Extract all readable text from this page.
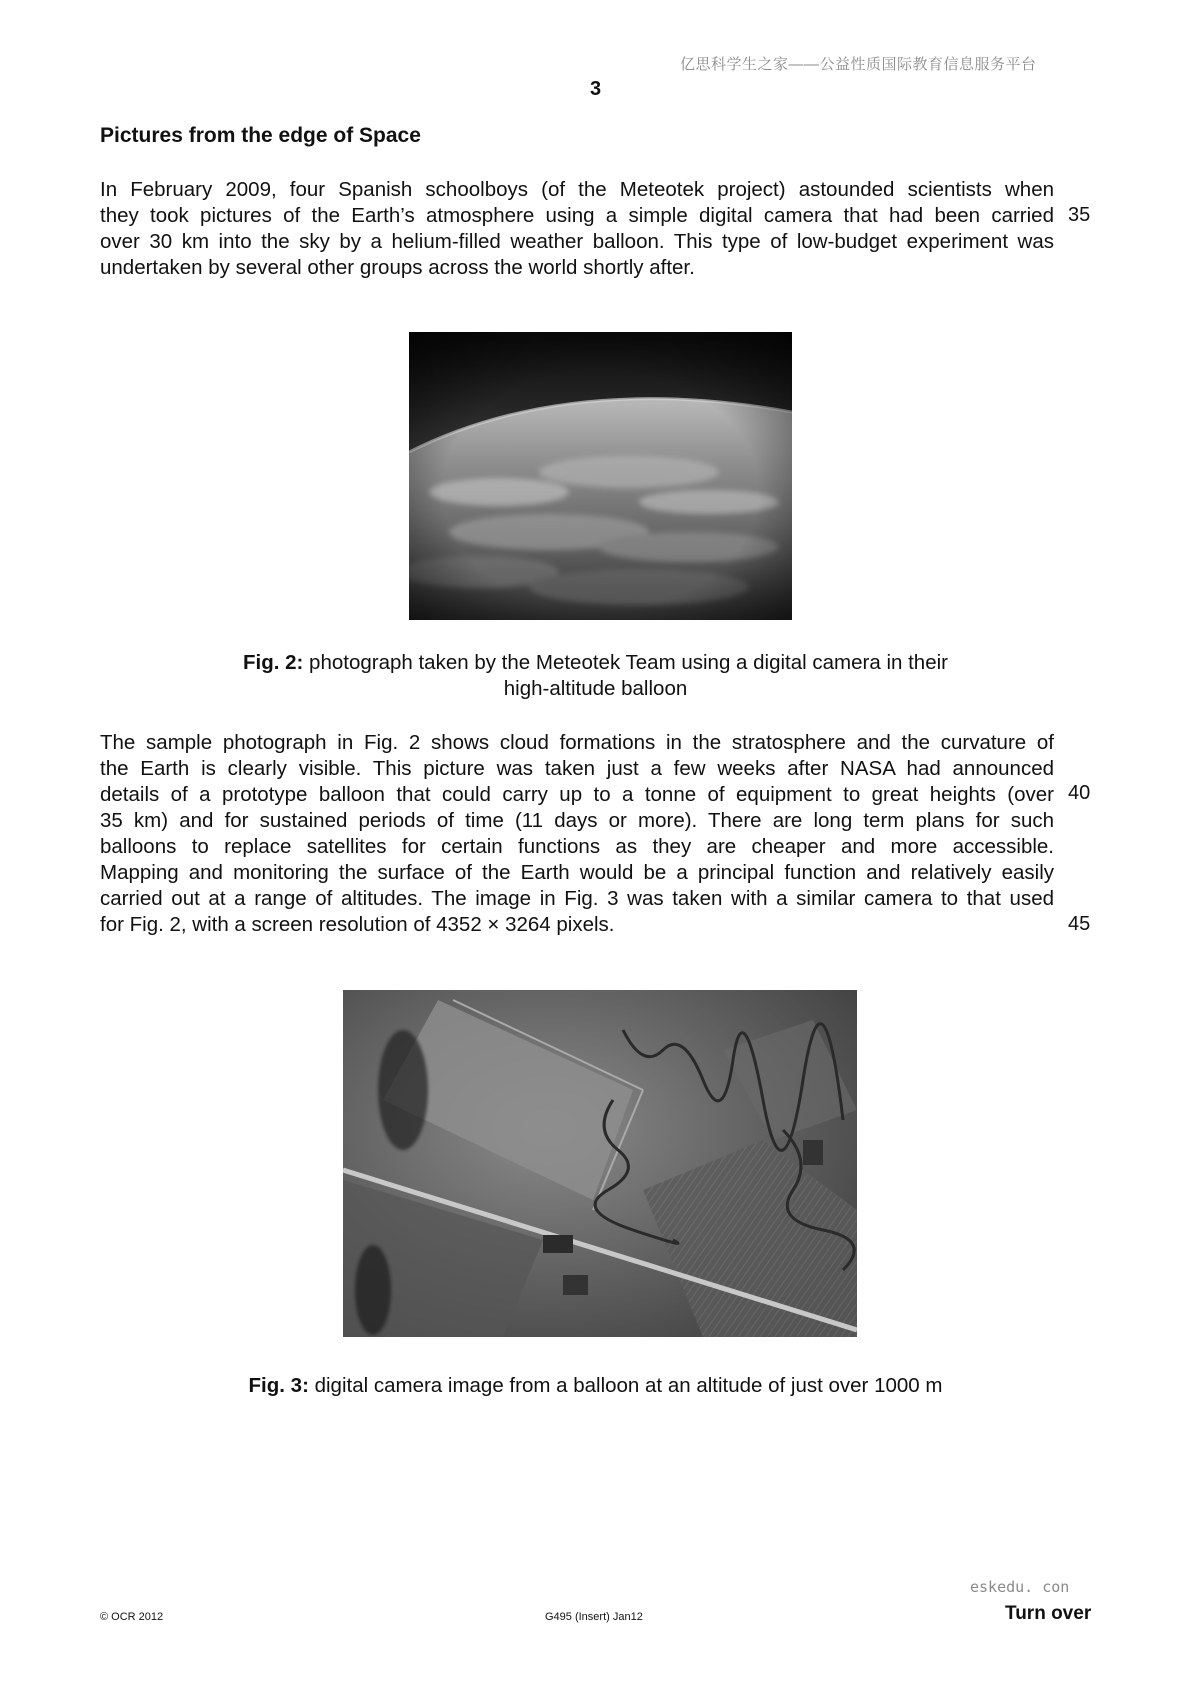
亿思科学生之家——公益性质国际教育信息服务平台
3
Pictures from the edge of Space
In February 2009, four Spanish schoolboys (of the Meteotek project) astounded scientists when
they took pictures of the Earth’s atmosphere using a simple digital camera that had been carried
over 30 km into the sky by a helium-filled weather balloon. This type of low-budget experiment was
undertaken by several other groups across the world shortly after.
35
Fig. 2: photograph taken by the Meteotek Team using a digital camera in their
high-altitude balloon
The sample photograph in Fig. 2 shows cloud formations in the stratosphere and the curvature of
the Earth is clearly visible. This picture was taken just a few weeks after NASA had announced
details of a prototype balloon that could carry up to a tonne of equipment to great heights (over
35 km) and for sustained periods of time (11 days or more). There are long term plans for such
balloons to replace satellites for certain functions as they are cheaper and more accessible.
Mapping and monitoring the surface of the Earth would be a principal function and relatively easily
carried out at a range of altitudes. The image in Fig. 3 was taken with a similar camera to that used
for Fig. 2, with a screen resolution of 4352 × 3264 pixels.
40
45
Fig. 3: digital camera image from a balloon at an altitude of just over 1000 m
eskedu. con
© OCR 2012	G495 (Insert) Jan12	Turn over
